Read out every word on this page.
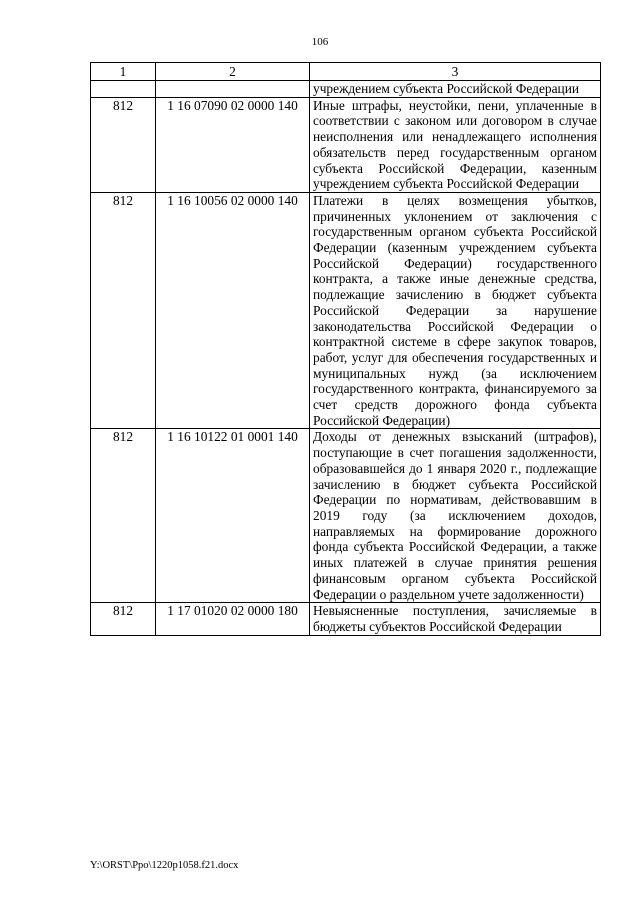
106
1	2	3
		учреждением субъекта Российской Федерации
812	1 16 07090 02 0000 140	Иные штрафы, неустойки, пени, уплаченные в соответствии с законом или договором в случае неисполнения или ненадлежащего исполнения обязательств перед государственным органом субъекта Российской Федерации, казенным учреждением субъекта Российской Федерации
812	1 16 10056 02 0000 140	Платежи в целях возмещения убытков, причиненных уклонением от заключения с государственным органом субъекта Российской Федерации (казенным учреждением субъекта Российской Федерации) государственного контракта, а также иные денежные средства, подлежащие зачислению в бюджет субъекта Российской Федерации за нарушение законодательства Российской Федерации о контрактной системе в сфере закупок товаров, работ, услуг для обеспечения государственных и муниципальных нужд (за исключением государственного контракта, финансируемого за счет средств дорожного фонда субъекта Российской Федерации)
812	1 16 10122 01 0001 140	Доходы от денежных взысканий (штрафов), поступающие в счет погашения задолженности, образовавшейся до 1 января 2020 г., подлежащие зачислению в бюджет субъекта Российской Федерации по нормативам, действовавшим в 2019 году (за исключением доходов, направляемых на формирование дорожного фонда субъекта Российской Федерации, а также иных платежей в случае принятия решения финансовым органом субъекта Российской Федерации о раздельном учете задолженности)
812	1 17 01020 02 0000 180	Невыясненные поступления, зачисляемые в бюджеты субъектов Российской Федерации
Y:\ORST\Ppo\1220p1058.f21.docx
